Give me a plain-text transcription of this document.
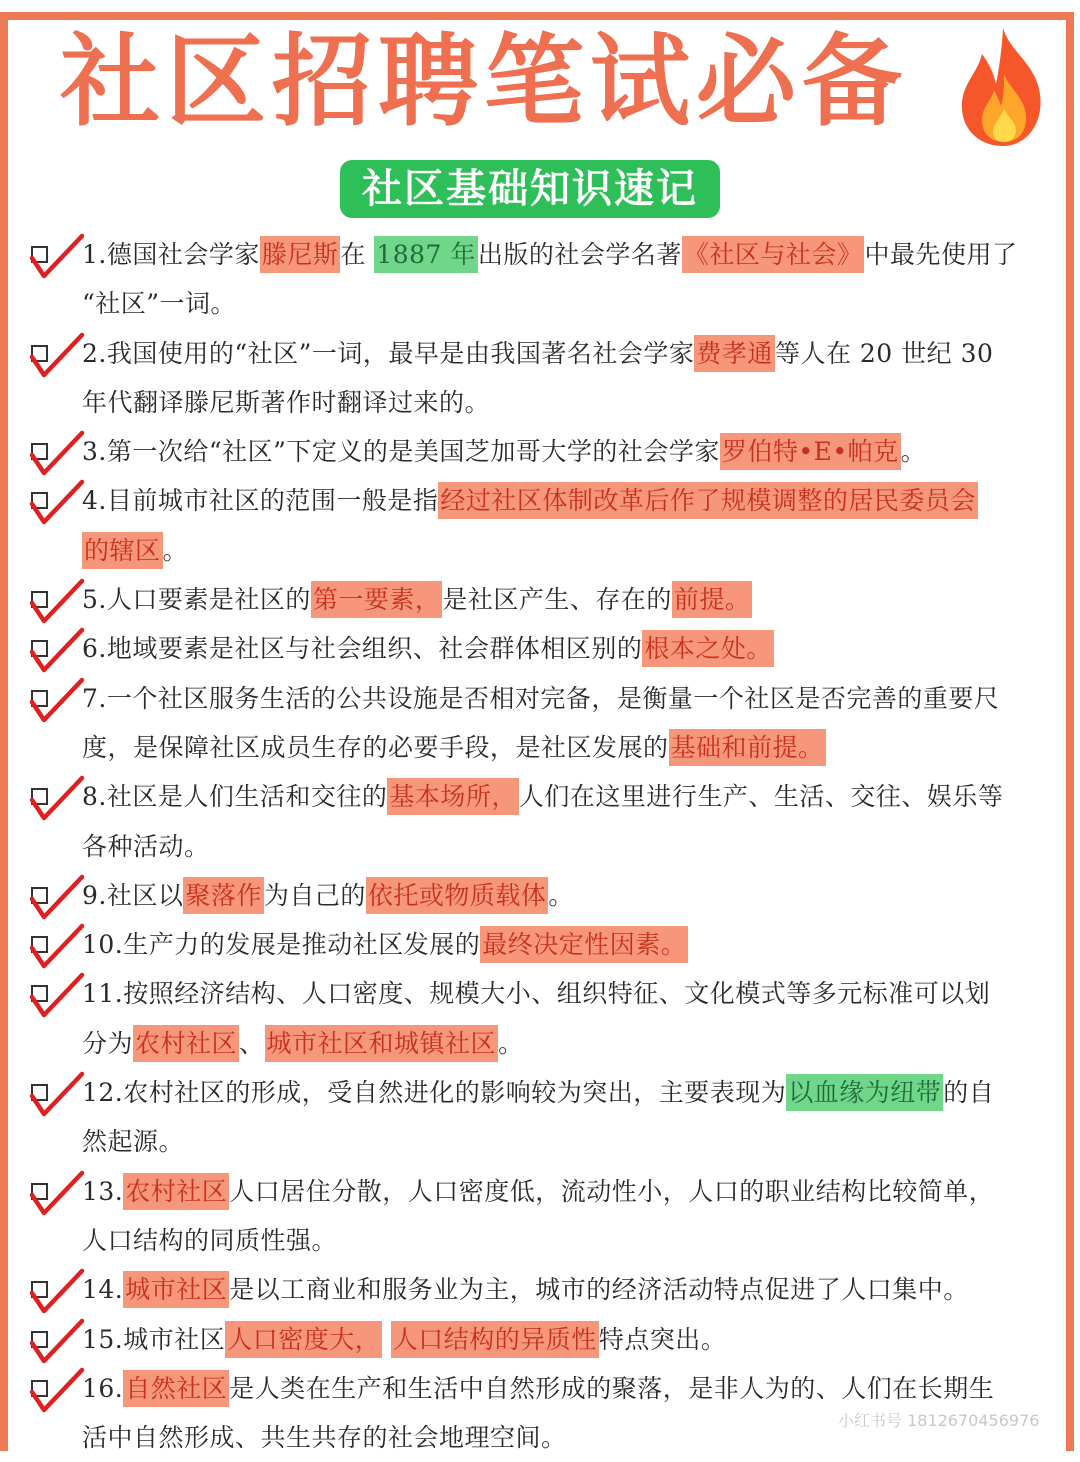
社区招聘笔试必备
社区基础知识速记
1.德国社会学家滕尼斯在 1887 年出版的社会学名著《社区与社会》中最先使用了
“社区”一词。
2.我国使用的“社区”一词，最早是由我国著名社会学家费孝通等人在 20 世纪 30
年代翻译滕尼斯著作时翻译过来的。
3.第一次给“社区”下定义的是美国芝加哥大学的社会学家罗伯特•E•帕克。
4.目前城市社区的范围一般是指经过社区体制改革后作了规模调整的居民委员会
的辖区。
5.人口要素是社区的第一要素，是社区产生、存在的前提。
6.地域要素是社区与社会组织、社会群体相区别的根本之处。
7.一个社区服务生活的公共设施是否相对完备，是衡量一个社区是否完善的重要尺
度，是保障社区成员生存的必要手段，是社区发展的基础和前提。
8.社区是人们生活和交往的基本场所，人们在这里进行生产、生活、交往、娱乐等
各种活动。
9.社区以聚落作为自己的依托或物质载体。
10.生产力的发展是推动社区发展的最终决定性因素。
11.按照经济结构、人口密度、规模大小、组织特征、文化模式等多元标准可以划
分为农村社区、城市社区和城镇社区。
12.农村社区的形成，受自然进化的影响较为突出，主要表现为以血缘为纽带的自
然起源。
13.农村社区人口居住分散，人口密度低，流动性小，人口的职业结构比较简单，
人口结构的同质性强。
14.城市社区是以工商业和服务业为主，城市的经济活动特点促进了人口集中。
15.城市社区人口密度大， 人口结构的异质性特点突出。
16.自然社区是人类在生产和生活中自然形成的聚落，是非人为的、人们在长期生
活中自然形成、共生共存的社会地理空间。
小红书号 1812670456976
